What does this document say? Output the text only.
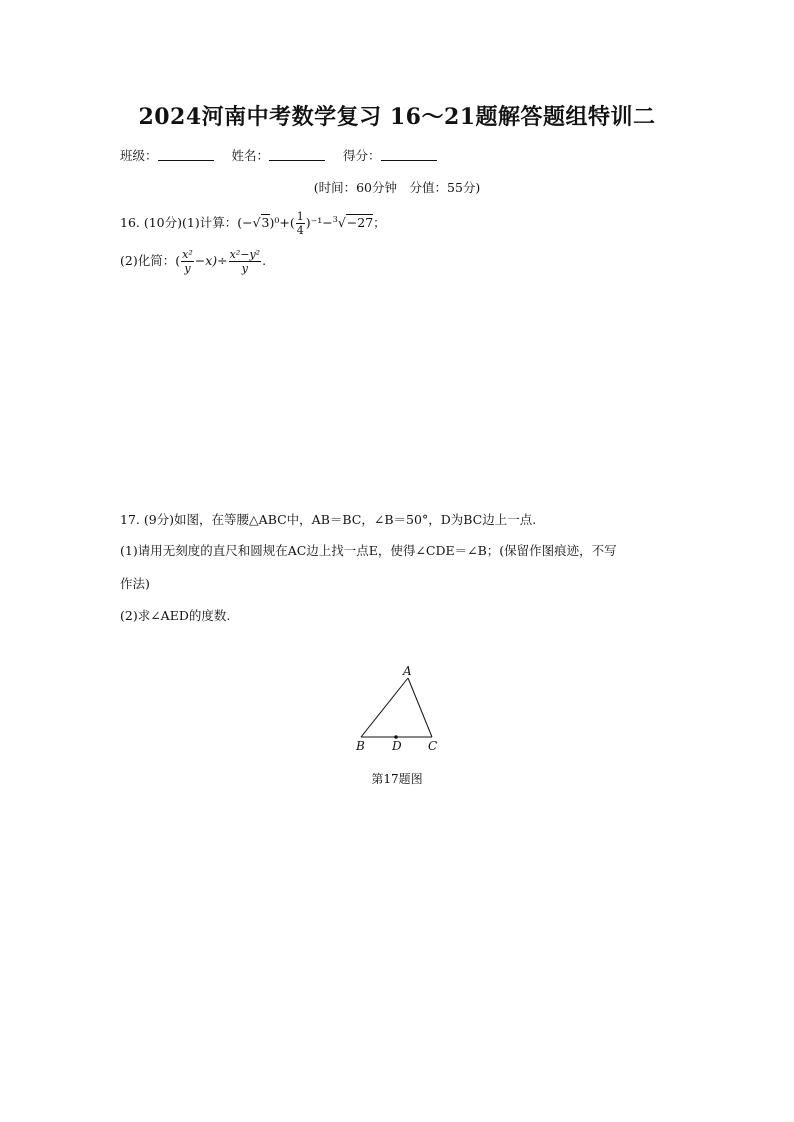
2024河南中考数学复习 16～21题解答题组特训二
班级：	姓名：	得分：
(时间：60分钟　分值：55分)
16. (10分)(1)计算：$(-√3)^0+( \frac{1}{4} )^{-1}-^3√-27$；
(2)化简：( $\frac{\text{x²}}{y} -x)\div \frac{\text{x²−y²}}{y}$ .
17. (9分)如图，在等腰△ABC中，AB＝BC，∠B＝50°，D为BC边上一点.
(1)请用无刻度的直尺和圆规在AC边上找一点E，使得∠CDE＝∠B；(保留作图痕迹，不写
作法)
(2)求∠AED的度数.
A
B D C
第17题图
